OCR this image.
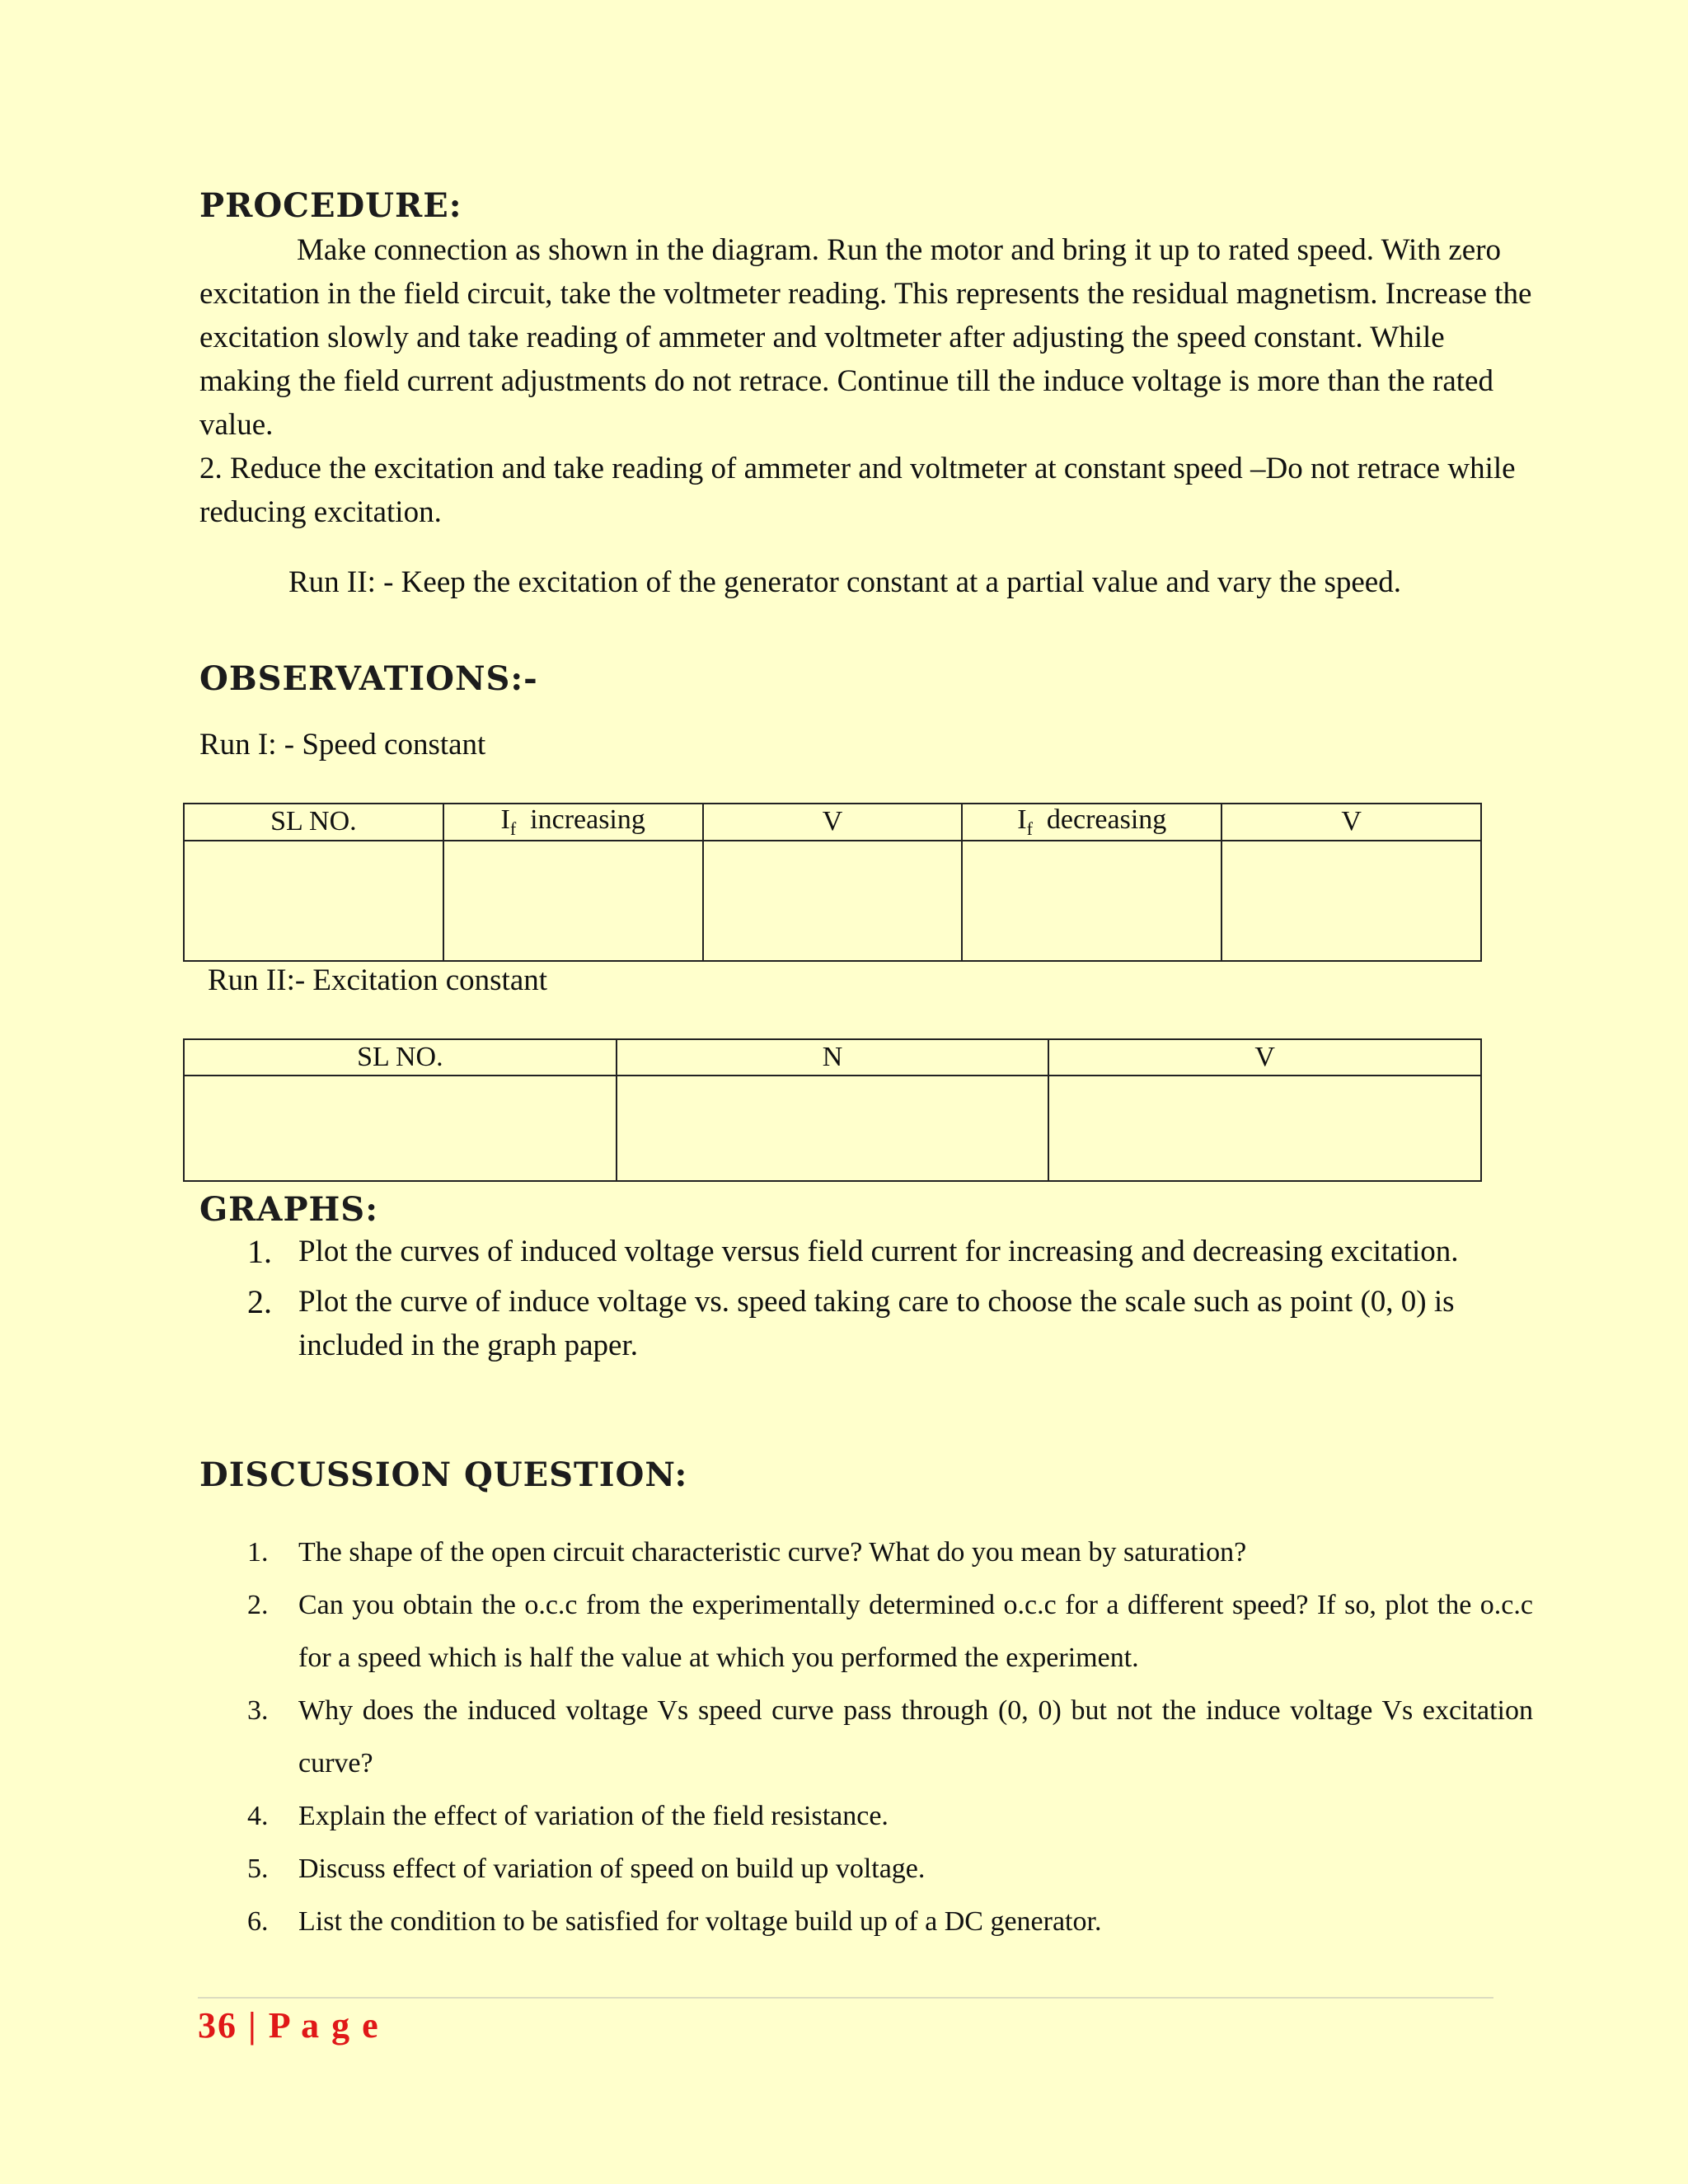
PROCEDURE:

Make connection as shown in the diagram. Run the motor and bring it up to rated speed. With zero excitation in the field circuit, take the voltmeter reading. This represents the residual magnetism. Increase the excitation slowly and take reading of ammeter and voltmeter after adjusting the speed constant. While making the field current adjustments do not retrace. Continue till the induce voltage is more than the rated value.

2. Reduce the excitation and take reading of ammeter and voltmeter at constant speed –Do not retrace while reducing excitation.

Run II: - Keep the excitation of the generator constant at a partial value and vary the speed.

OBSERVATIONS:-
Run I: - Speed constant
SL NO.	$I_f$ increasing	V	$I_f$ decreasing	V

Run II:- Excitation constant
SL NO.	N	V

GRAPHS:
1. Plot the curves of induced voltage versus field current for increasing and decreasing excitation.
2. Plot the curve of induce voltage vs. speed taking care to choose the scale such as point (0, 0) is included in the graph paper.
DISCUSSION QUESTION:
1. The shape of the open circuit characteristic curve? What do you mean by saturation?
2. Can you obtain the o.c.c from the experimentally determined o.c.c for a different speed? If so, plot the o.c.c for a speed which is half the value at which you performed the experiment.
3. Why does the induced voltage Vs speed curve pass through (0, 0) but not the induce voltage Vs excitation curve?
4. Explain the effect of variation of the field resistance.
5. Discuss effect of variation of speed on build up voltage.
6. List the condition to be satisfied for voltage build up of a DC generator.
36 | P a g e
